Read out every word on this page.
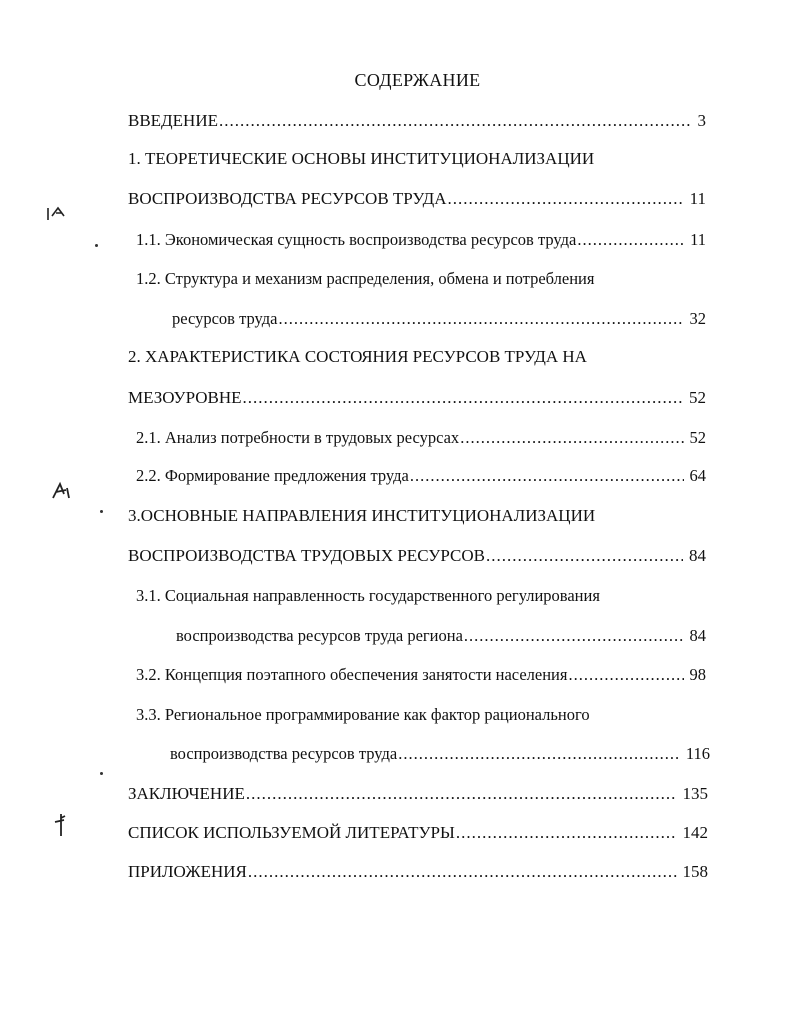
СОДЕРЖАНИЕ
ВВЕДЕНИЕ .....	3
1. ТЕОРЕТИЧЕСКИЕ ОСНОВЫ ИНСТИТУЦИОНАЛИЗАЦИИ
ВОСПРОИЗВОДСТВА РЕСУРСОВ ТРУДА .....	11
1.1. Экономическая сущность воспроизводства ресурсов труда .....	11
1.2. Структура и механизм распределения, обмена и потребления
ресурсов труда .....	32
2. ХАРАКТЕРИСТИКА СОСТОЯНИЯ РЕСУРСОВ ТРУДА НА
МЕЗОУРОВНЕ .....	52
2.1. Анализ потребности в трудовых ресурсах .....	52
2.2. Формирование предложения труда .....	64
3.ОСНОВНЫЕ НАПРАВЛЕНИЯ ИНСТИТУЦИОНАЛИЗАЦИИ
ВОСПРОИЗВОДСТВА ТРУДОВЫХ РЕСУРСОВ .....	84
3.1. Социальная направленность государственного регулирования
воспроизводства ресурсов труда региона .....	84
3.2. Концепция поэтапного обеспечения занятости населения .....	98
3.3. Региональное программирование как фактор рационального
воспроизводства ресурсов труда .....	116
ЗАКЛЮЧЕНИЕ .....	135
СПИСОК ИСПОЛЬЗУЕМОЙ ЛИТЕРАТУРЫ .....	142
ПРИЛОЖЕНИЯ .....	158
